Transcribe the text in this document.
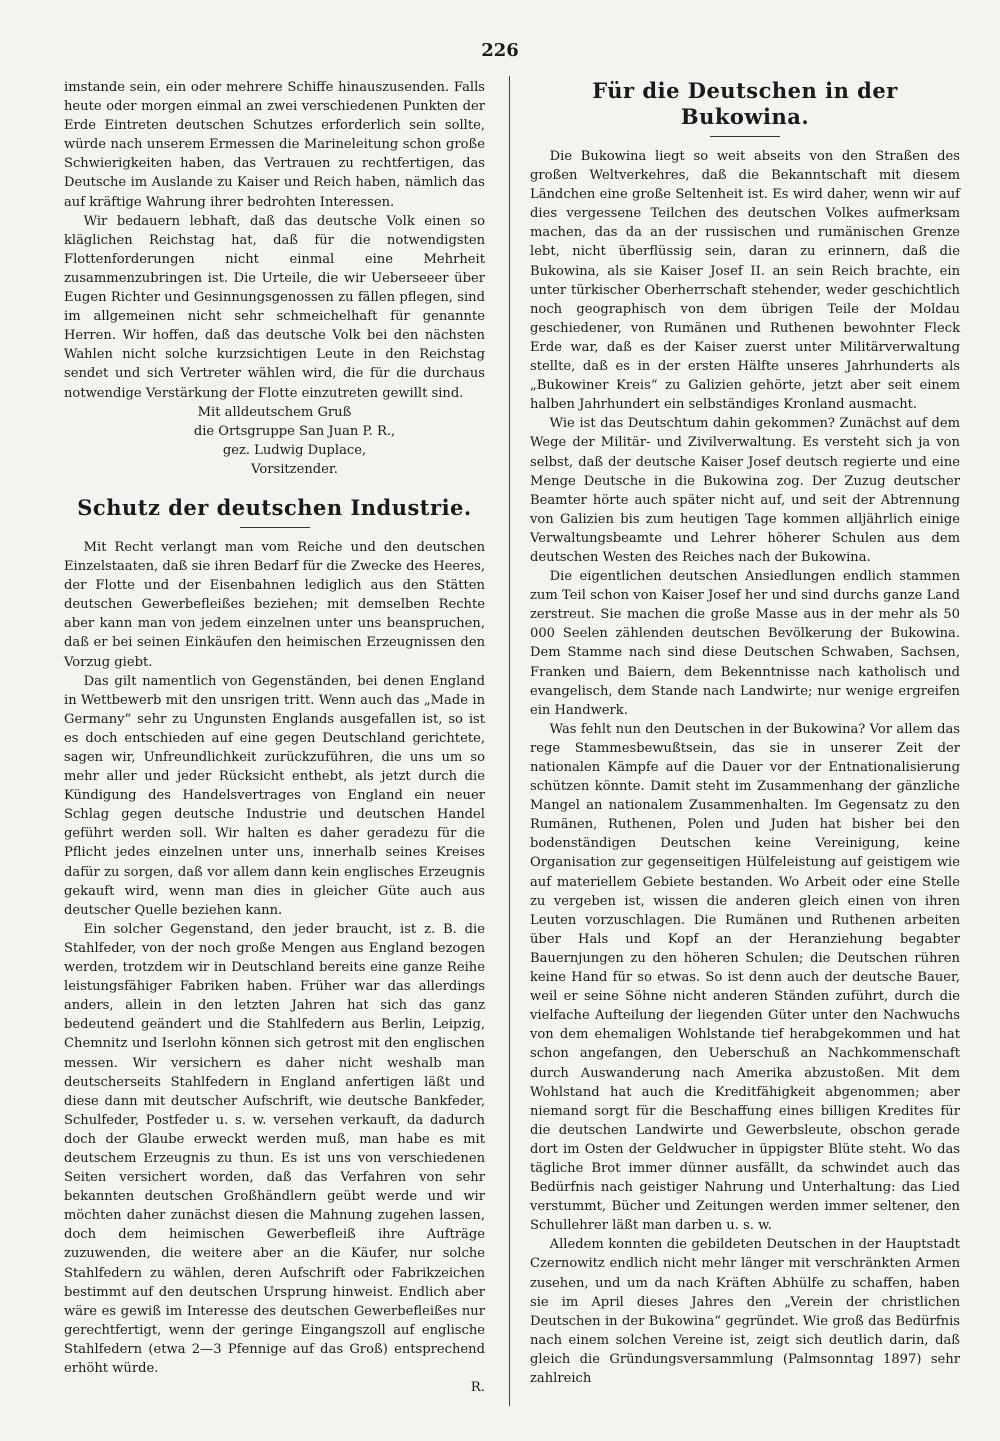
226

imstande sein, ein oder mehrere Schiffe hinauszusenden. Falls heute oder morgen einmal an zwei verschiedenen Punkten der Erde Eintreten deutschen Schutzes erforderlich sein sollte, würde nach unserem Ermessen die Marineleitung schon große Schwierigkeiten haben, das Vertrauen zu rechtfertigen, das Deutsche im Auslande zu Kaiser und Reich haben, nämlich das auf kräftige Wahrung ihrer bedrohten Interessen.

Wir bedauern lebhaft, daß das deutsche Volk einen so kläglichen Reichstag hat, daß für die notwendigsten Flottenforderungen nicht einmal eine Mehrheit zusammenzubringen ist. Die Urteile, die wir Ueberseeer über Eugen Richter und Gesinnungsgenossen zu fällen pflegen, sind im allgemeinen nicht sehr schmeichelhaft für genannte Herren. Wir hoffen, daß das deutsche Volk bei den nächsten Wahlen nicht solche kurzsichtigen Leute in den Reichstag sendet und sich Vertreter wählen wird, die für die durchaus notwendige Verstärkung der Flotte einzutreten gewillt sind.

Mit alldeutschem Gruß
die Ortsgruppe San Juan P. R.,
gez. Ludwig Duplace,
Vorsitzender.
Schutz der deutschen Industrie.

Mit Recht verlangt man vom Reiche und den deutschen Einzelstaaten, daß sie ihren Bedarf für die Zwecke des Heeres, der Flotte und der Eisenbahnen lediglich aus den Stätten deutschen Gewerbefleißes beziehen; mit demselben Rechte aber kann man von jedem einzelnen unter uns beanspruchen, daß er bei seinen Einkäufen den heimischen Erzeugnissen den Vorzug giebt.

Das gilt namentlich von Gegenständen, bei denen England in Wettbewerb mit den unsrigen tritt. Wenn auch das „Made in Germany“ sehr zu Ungunsten Englands ausgefallen ist, so ist es doch entschieden auf eine gegen Deutschland gerichtete, sagen wir, Unfreundlichkeit zurückzuführen, die uns um so mehr aller und jeder Rücksicht enthebt, als jetzt durch die Kündigung des Handelsvertrages von England ein neuer Schlag gegen deutsche Industrie und deutschen Handel geführt werden soll. Wir halten es daher geradezu für die Pflicht jedes einzelnen unter uns, innerhalb seines Kreises dafür zu sorgen, daß vor allem dann kein englisches Erzeugnis gekauft wird, wenn man dies in gleicher Güte auch aus deutscher Quelle beziehen kann.

Ein solcher Gegenstand, den jeder braucht, ist z. B. die Stahlfeder, von der noch große Mengen aus England bezogen werden, trotzdem wir in Deutschland bereits eine ganze Reihe leistungsfähiger Fabriken haben. Früher war das allerdings anders, allein in den letzten Jahren hat sich das ganz bedeutend geändert und die Stahlfedern aus Berlin, Leipzig, Chemnitz und Iserlohn können sich getrost mit den englischen messen. Wir versichern es daher nicht weshalb man deutscherseits Stahlfedern in England anfertigen läßt und diese dann mit deutscher Aufschrift, wie deutsche Bankfeder, Schulfeder, Postfeder u. s. w. versehen verkauft, da dadurch doch der Glaube erweckt werden muß, man habe es mit deutschem Erzeugnis zu thun. Es ist uns von verschiedenen Seiten versichert worden, daß das Verfahren von sehr bekannten deutschen Großhändlern geübt werde und wir möchten daher zunächst diesen die Mahnung zugehen lassen, doch dem heimischen Gewerbefleiß ihre Aufträge zuzuwenden, die weitere aber an die Käufer, nur solche Stahlfedern zu wählen, deren Aufschrift oder Fabrikzeichen bestimmt auf den deutschen Ursprung hinweist. Endlich aber wäre es gewiß im Interesse des deutschen Gewerbefleißes nur gerechtfertigt, wenn der geringe Eingangszoll auf englische Stahlfedern (etwa 2—3 Pfennige auf das Groß) entsprechend erhöht würde.

R.

Für die Deutschen in der Bukowina.

Die Bukowina liegt so weit abseits von den Straßen des großen Weltverkehres, daß die Bekanntschaft mit diesem Ländchen eine große Seltenheit ist. Es wird daher, wenn wir auf dies vergessene Teilchen des deutschen Volkes aufmerksam machen, das da an der russischen und rumänischen Grenze lebt, nicht überflüssig sein, daran zu erinnern, daß die Bukowina, als sie Kaiser Josef II. an sein Reich brachte, ein unter türkischer Oberherrschaft stehender, weder geschichtlich noch geographisch von dem übrigen Teile der Moldau geschiedener, von Rumänen und Ruthenen bewohnter Fleck Erde war, daß es der Kaiser zuerst unter Militärverwaltung stellte, daß es in der ersten Hälfte unseres Jahrhunderts als „Bukowiner Kreis“ zu Galizien gehörte, jetzt aber seit einem halben Jahrhundert ein selbständiges Kronland ausmacht.

Wie ist das Deutschtum dahin gekommen? Zunächst auf dem Wege der Militär- und Zivilverwaltung. Es versteht sich ja von selbst, daß der deutsche Kaiser Josef deutsch regierte und eine Menge Deutsche in die Bukowina zog. Der Zuzug deutscher Beamter hörte auch später nicht auf, und seit der Abtrennung von Galizien bis zum heutigen Tage kommen alljährlich einige Verwaltungsbeamte und Lehrer höherer Schulen aus dem deutschen Westen des Reiches nach der Bukowina.

Die eigentlichen deutschen Ansiedlungen endlich stammen zum Teil schon von Kaiser Josef her und sind durchs ganze Land zerstreut. Sie machen die große Masse aus in der mehr als 50 000 Seelen zählenden deutschen Bevölkerung der Bukowina. Dem Stamme nach sind diese Deutschen Schwaben, Sachsen, Franken und Baiern, dem Bekenntnisse nach katholisch und evangelisch, dem Stande nach Landwirte; nur wenige ergreifen ein Handwerk.

Was fehlt nun den Deutschen in der Bukowina? Vor allem das rege Stammesbewußtsein, das sie in unserer Zeit der nationalen Kämpfe auf die Dauer vor der Entnationalisierung schützen könnte. Damit steht im Zusammenhang der gänzliche Mangel an nationalem Zusammenhalten. Im Gegensatz zu den Rumänen, Ruthenen, Polen und Juden hat bisher bei den bodenständigen Deutschen keine Vereinigung, keine Organisation zur gegenseitigen Hülfeleistung auf geistigem wie auf materiellem Gebiete bestanden. Wo Arbeit oder eine Stelle zu vergeben ist, wissen die anderen gleich einen von ihren Leuten vorzuschlagen. Die Rumänen und Ruthenen arbeiten über Hals und Kopf an der Heranziehung begabter Bauernjungen zu den höheren Schulen; die Deutschen rühren keine Hand für so etwas. So ist denn auch der deutsche Bauer, weil er seine Söhne nicht anderen Ständen zuführt, durch die vielfache Aufteilung der liegenden Güter unter den Nachwuchs von dem ehemaligen Wohlstande tief herabgekommen und hat schon angefangen, den Ueberschuß an Nachkommenschaft durch Auswanderung nach Amerika abzustoßen. Mit dem Wohlstand hat auch die Kreditfähigkeit abgenommen; aber niemand sorgt für die Beschaffung eines billigen Kredites für die deutschen Landwirte und Gewerbsleute, obschon gerade dort im Osten der Geldwucher in üppigster Blüte steht. Wo das tägliche Brot immer dünner ausfällt, da schwindet auch das Bedürfnis nach geistiger Nahrung und Unterhaltung: das Lied verstummt, Bücher und Zeitungen werden immer seltener, den Schullehrer läßt man darben u. s. w.

Alledem konnten die gebildeten Deutschen in der Hauptstadt Czernowitz endlich nicht mehr länger mit verschränkten Armen zusehen, und um da nach Kräften Abhülfe zu schaffen, haben sie im April dieses Jahres den „Verein der christlichen Deutschen in der Bukowina“ gegründet. Wie groß das Bedürfnis nach einem solchen Vereine ist, zeigt sich deutlich darin, daß gleich die Gründungsversammlung (Palmsonntag 1897) sehr zahlreich
